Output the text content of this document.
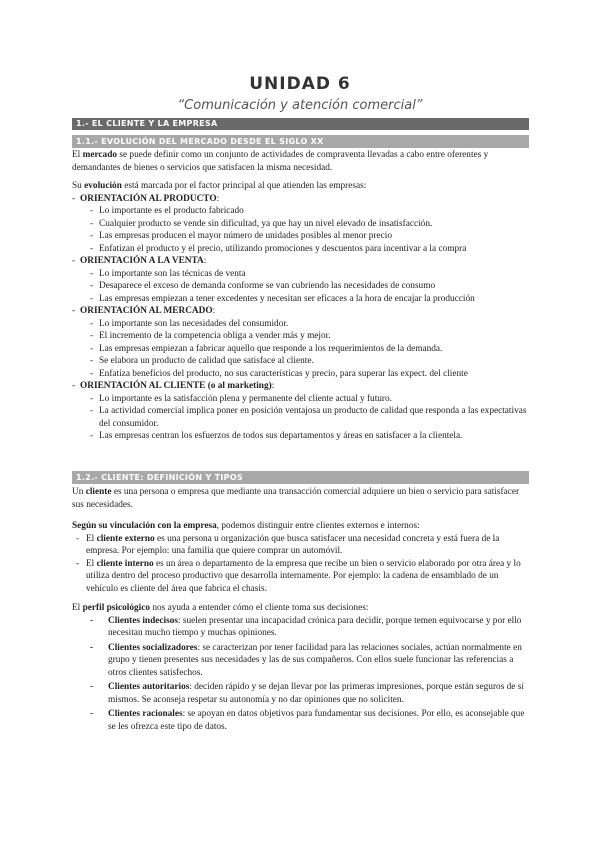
UNIDAD 6
“Comunicación y atención comercial”
1.- EL CLIENTE Y LA EMPRESA
1.1.- EVOLUCIÓN DEL MERCADO DESDE EL SIGLO XX

El mercado se puede definir como un conjunto de actividades de compraventa llevadas a cabo entre oferentes y demandantes de bienes o servicios que satisfacen la misma necesidad.

Su evolución está marcada por el factor principal al que atienden las empresas:

- ORIENTACIÓN AL PRODUCTO:
- Lo importante es el producto fabricado
- Cualquier producto se vende sin dificultad, ya que hay un nivel elevado de insatisfacción.
- Las empresas producen el mayor número de unidades posibles al menor precio
- Enfatizan el producto y el precio, utilizando promociones y descuentos para incentivar a la compra
- ORIENTACIÓN A LA VENTA:
- Lo importante son las técnicas de venta
- Desaparece el exceso de demanda conforme se van cubriendo las necesidades de consumo
- Las empresas empiezan a tener excedentes y necesitan ser eficaces a la hora de encajar la producción
- ORIENTACIÓN AL MERCADO:
- Lo importante son las necesidades del consumidor.
- El incremento de la competencia obliga a vender más y mejor.
- Las empresas empiezan a fabricar aquello que responde a los requerimientos de la demanda.
- Se elabora un producto de calidad que satisface al cliente.
- Enfatiza beneficios del producto, no sus características y precio, para superar las expect. del cliente
- ORIENTACIÓN AL CLIENTE (o al marketing):
- Lo importante es la satisfacción plena y permanente del cliente actual y futuro.
- La actividad comercial implica poner en posición ventajosa un producto de calidad que responda a las expectativas del consumidor.
- Las empresas centran los esfuerzos de todos sus departamentos y áreas en satisfacer a la clientela.
1.2.- CLIENTE: DEFINICIÓN Y TIPOS

Un cliente es una persona o empresa que mediante una transacción comercial adquiere un bien o servicio para satisfacer sus necesidades.

Según su vinculación con la empresa, podemos distinguir entre clientes externos e internos:

- El cliente externo es una persona u organización que busca satisfacer una necesidad concreta y está fuera de la empresa. Por ejemplo: una familia que quiere comprar un automóvil.
- El cliente interno es un área o departamento de la empresa que recibe un bien o servicio elaborado por otra área y lo utiliza dentro del proceso productivo que desarrolla internamente. Por ejemplo: la cadena de ensamblado de un vehículo es cliente del área que fabrica el chasis.

El perfil psicológico nos ayuda a entender cómo el cliente toma sus decisiones:

- Clientes indecisos: suelen presentar una incapacidad crónica para decidir, porque temen equivocarse y por ello necesitan mucho tiempo y muchas opiniones.
- Clientes socializadores: se caracterizan por tener facilidad para las relaciones sociales, actúan normalmente en grupo y tienen presentes sus necesidades y las de sus compañeros. Con ellos suele funcionar las referencias a otros clientes satisfechos.
- Clientes autoritarios: deciden rápido y se dejan llevar por las primeras impresiones, porque están seguros de sí mismos. Se aconseja respetar su autonomía y no dar opiniones que no soliciten.
- Clientes racionales: se apoyan en datos objetivos para fundamentar sus decisiones. Por ello, es aconsejable que se les ofrezca este tipo de datos.
